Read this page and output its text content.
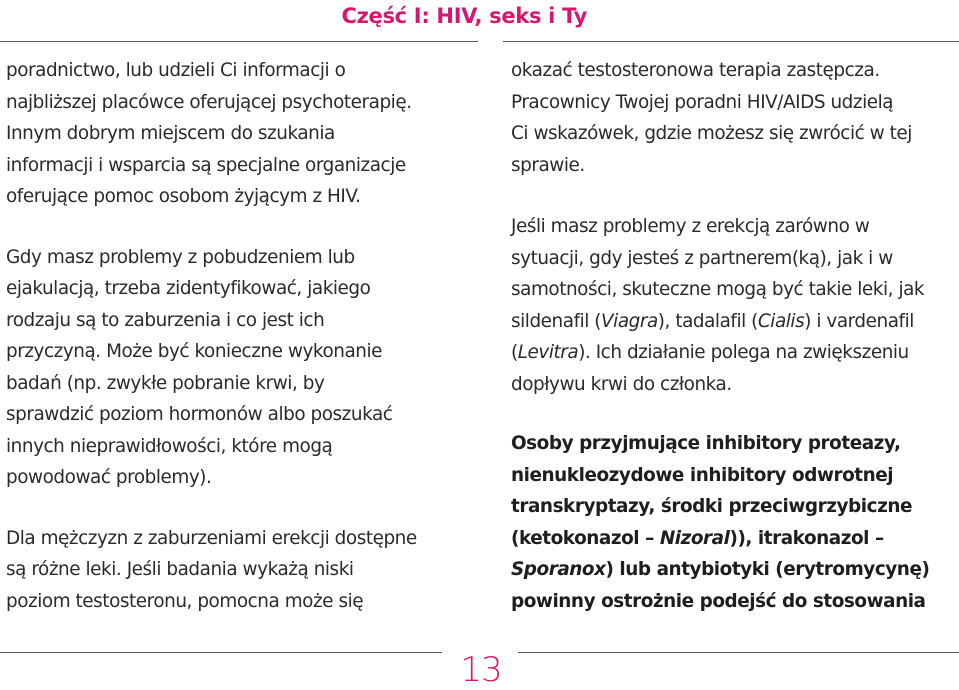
Część I: HIV, seks i Ty

poradnictwo, lub udzieli Ci informacji o
najbliższej placówce oferującej psychoterapię.
Innym dobrym miejscem do szukania
informacji i wsparcia są specjalne organizacje
oferujące pomoc osobom żyjącym z HIV.

Gdy masz problemy z pobudzeniem lub
ejakulacją, trzeba zidentyfikować, jakiego
rodzaju są to zaburzenia i co jest ich
przyczyną. Może być konieczne wykonanie
badań (np. zwykłe pobranie krwi, by
sprawdzić poziom hormonów albo poszukać
innych nieprawidłowości, które mogą
powodować problemy).

Dla mężczyzn z zaburzeniami erekcji dostępne
są różne leki. Jeśli badania wykażą niski
poziom testosteronu, pomocna może się

okazać testosteronowa terapia zastępcza.
Pracownicy Twojej poradni HIV/AIDS udzielą
Ci wskazówek, gdzie możesz się zwrócić w tej
sprawie.

Jeśli masz problemy z erekcją zarówno w
sytuacji, gdy jesteś z partnerem(ką), jak i w
samotności, skuteczne mogą być takie leki, jak
sildenafil (Viagra), tadalafil (Cialis) i vardenafil
(Levitra). Ich działanie polega na zwiększeniu
dopływu krwi do członka.

Osoby przyjmujące inhibitory proteazy,
nienukleozydowe inhibitory odwrotnej
transkryptazy, środki przeciwgrzybiczne
(ketokonazol – Nizoral)), itrakonazol –
Sporanox) lub antybiotyki (erytromycynę)
powinny ostrożnie podejść do stosowania

13
